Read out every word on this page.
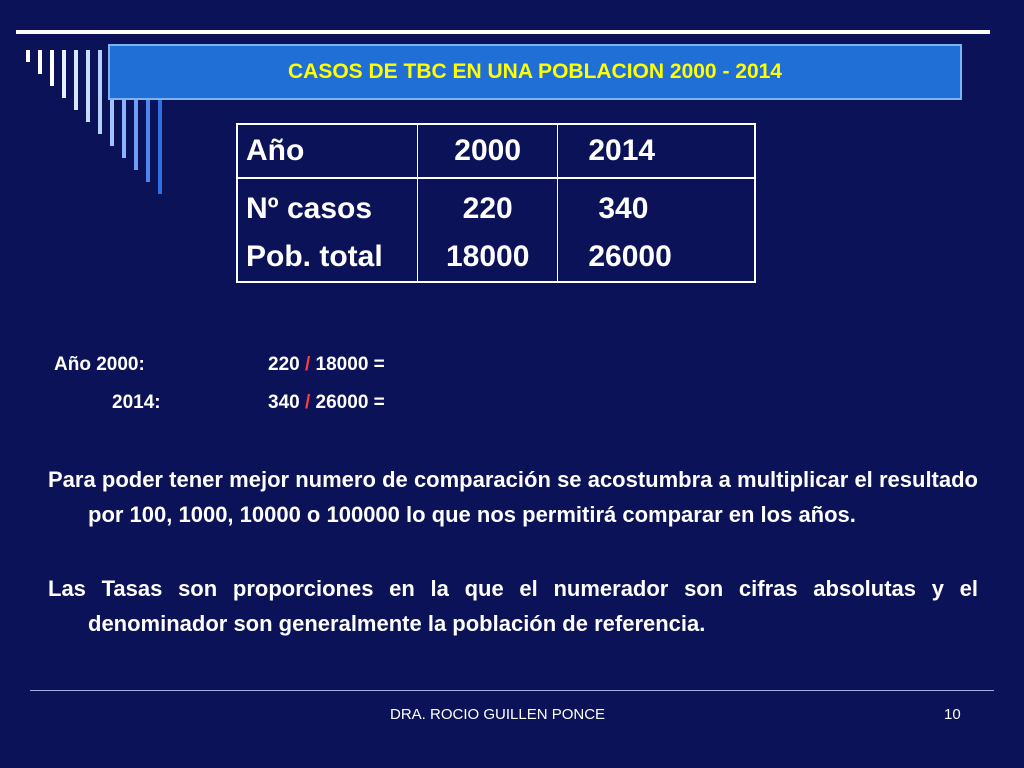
CASOS DE TBC EN UNA POBLACION 2000 - 2014
Año	2000	2014
Nº casos	220	340
Pob. total	18000	26000
Año 2000:	220 / 18000 =
2014:	340 / 26000 =
Para poder tener mejor numero de comparación se acostumbra a multiplicar el resultado por 100, 1000, 10000 o 100000 lo que nos permitirá comparar en los años.
Las Tasas son proporciones en la que el numerador son cifras absolutas y el denominador son generalmente la población de referencia.
DRA. ROCIO GUILLEN PONCE	10
